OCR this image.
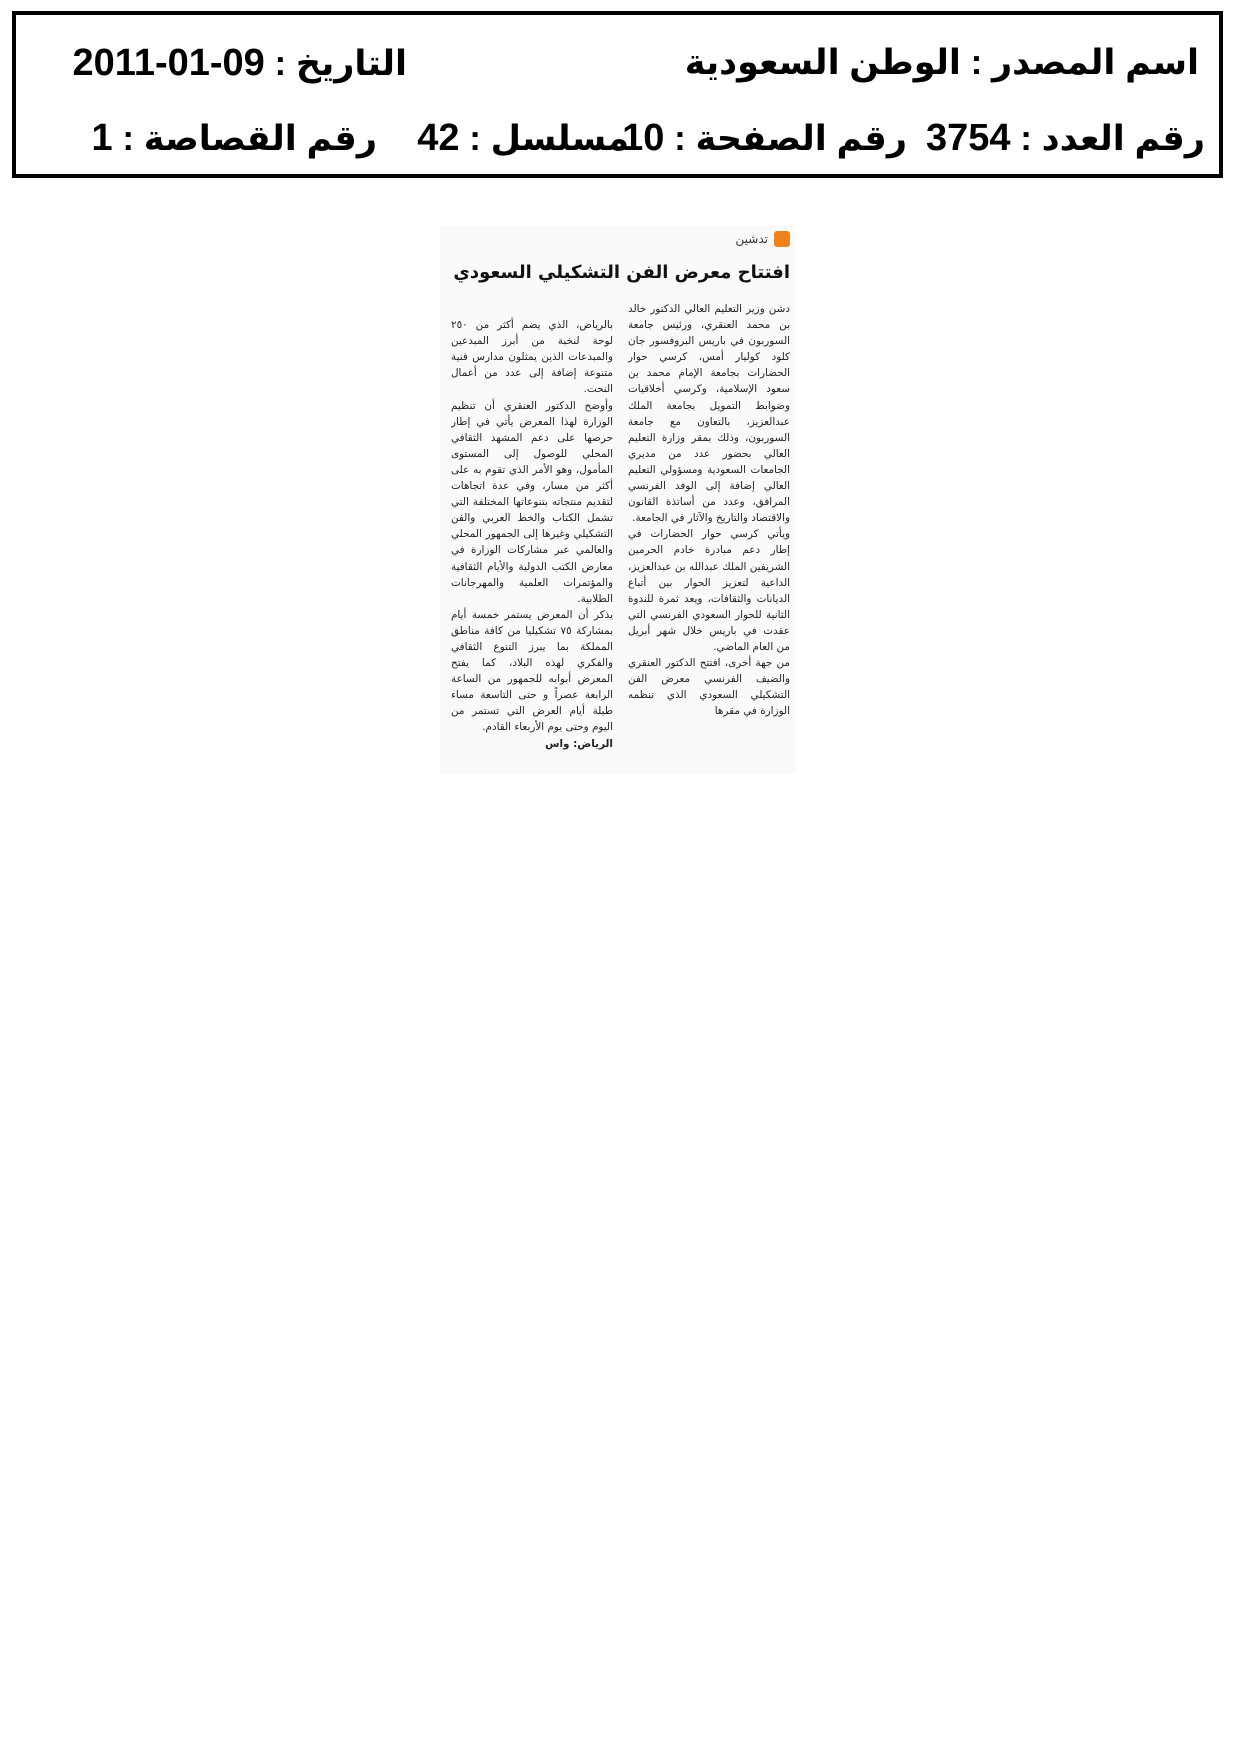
اسم المصدر : الوطن السعودية
التاريخ : 2011-01-09
رقم العدد : 3754
رقم الصفحة : 10
مسلسل : 42
رقم القصاصة : 1
تدشين
افتتاح معرض الفن التشكيلي السعودي
دشن وزير التعليم العالي الدكتور خالد بن محمد العنقري، ورئيس جامعة السوربون في باريس البروفسور جان كلود كوليار أمس، كرسي حوار الحضارات بجامعة الإمام محمد بن سعود الإسلامية، وكرسي أخلاقيات وضوابط التمويل بجامعة الملك عبدالعزيز، بالتعاون مع جامعة السوربون، وذلك بمقر وزارة التعليم العالي بحضور عدد من مديري الجامعات السعودية ومسؤولي التعليم العالي إضافة إلى الوفد الفرنسي المرافق، وعدد من أساتذة القانون والاقتصاد والتاريخ والآثار في الجامعة.
ويأتي كرسي حوار الحضارات في إطار دعم مبادرة خادم الحرمين الشريفين الملك عبدالله بن عبدالعزيز، الداعية لتعزيز الحوار بين أتباع الديانات والثقافات، ويعد ثمرة للندوة الثانية للحوار السعودي الفرنسي التي عقدت في باريس خلال شهر أبريل من العام الماضي.
من جهة أخرى، افتتح الدكتور العنقري والضيف الفرنسي معرض الفن التشكيلي السعودي الذي تنظمه الوزارة في مقرها

بالرياض، الذي يضم أكثر من ٢٥٠ لوحة لنخبة من أبرز المبدعين والمبدعات الذين يمثلون مدارس فنية متنوعة إضافة إلى عدد من أعمال النحت.
وأوضح الدكتور العنقري أن تنظيم الوزارة لهذا المعرض يأتي في إطار حرصها على دعم المشهد الثقافي المحلي للوصول إلى المستوى المأمول، وهو الأمر الذي تقوم به على أكثر من مسار، وفي عدة اتجاهات لتقديم منتجاته بتنوعاتها المختلفة التي تشمل الكتاب والخط العربي والفن التشكيلي وغيرها إلى الجمهور المحلي والعالمي عبر مشاركات الوزارة في معارض الكتب الدولية والأيام الثقافية والمؤتمرات العلمية والمهرجانات الطلابية.
يذكر أن المعرض يستمر خمسة أيام بمشاركة ٧٥ تشكيليا من كافة مناطق المملكة بما يبرز التنوع الثقافي والفكري لهذه البلاد، كما يفتح المعرض أبوابه للجمهور من الساعة الرابعة عصراً و حتى التاسعة مساء طيلة أيام العرض التي تستمر من اليوم وحتى يوم الأربعاء القادم.

الرياض: واس
